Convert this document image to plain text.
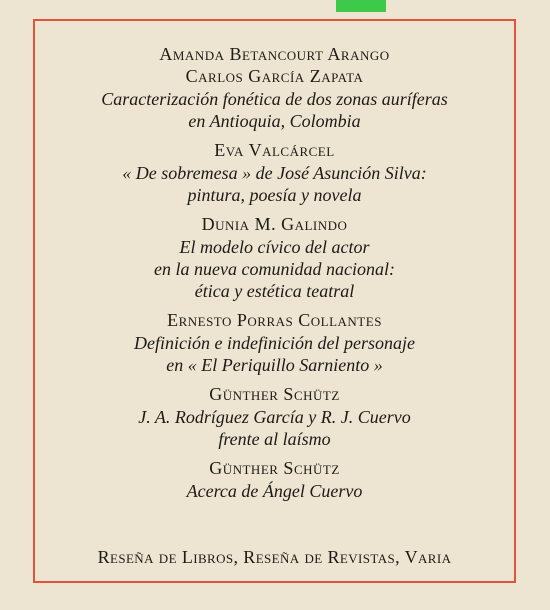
Amanda Betancourt Arango

Carlos García Zapata

Caracterización fonética de dos zonas auríferas

en Antioquia, Colombia

Eva Valcárcel

« De sobremesa » de José Asunción Silva:

pintura, poesía y novela

Dunia M. Galindo

El modelo cívico del actor

en la nueva comunidad nacional:

ética y estética teatral

Ernesto Porras Collantes

Definición e indefinición del personaje

en « El Periquillo Sarniento »

Günther Schütz

J. A. Rodríguez García y R. J. Cuervo

frente al laísmo

Günther Schütz

Acerca de Ángel Cuervo

Reseña de Libros, Reseña de Revistas, Varia
